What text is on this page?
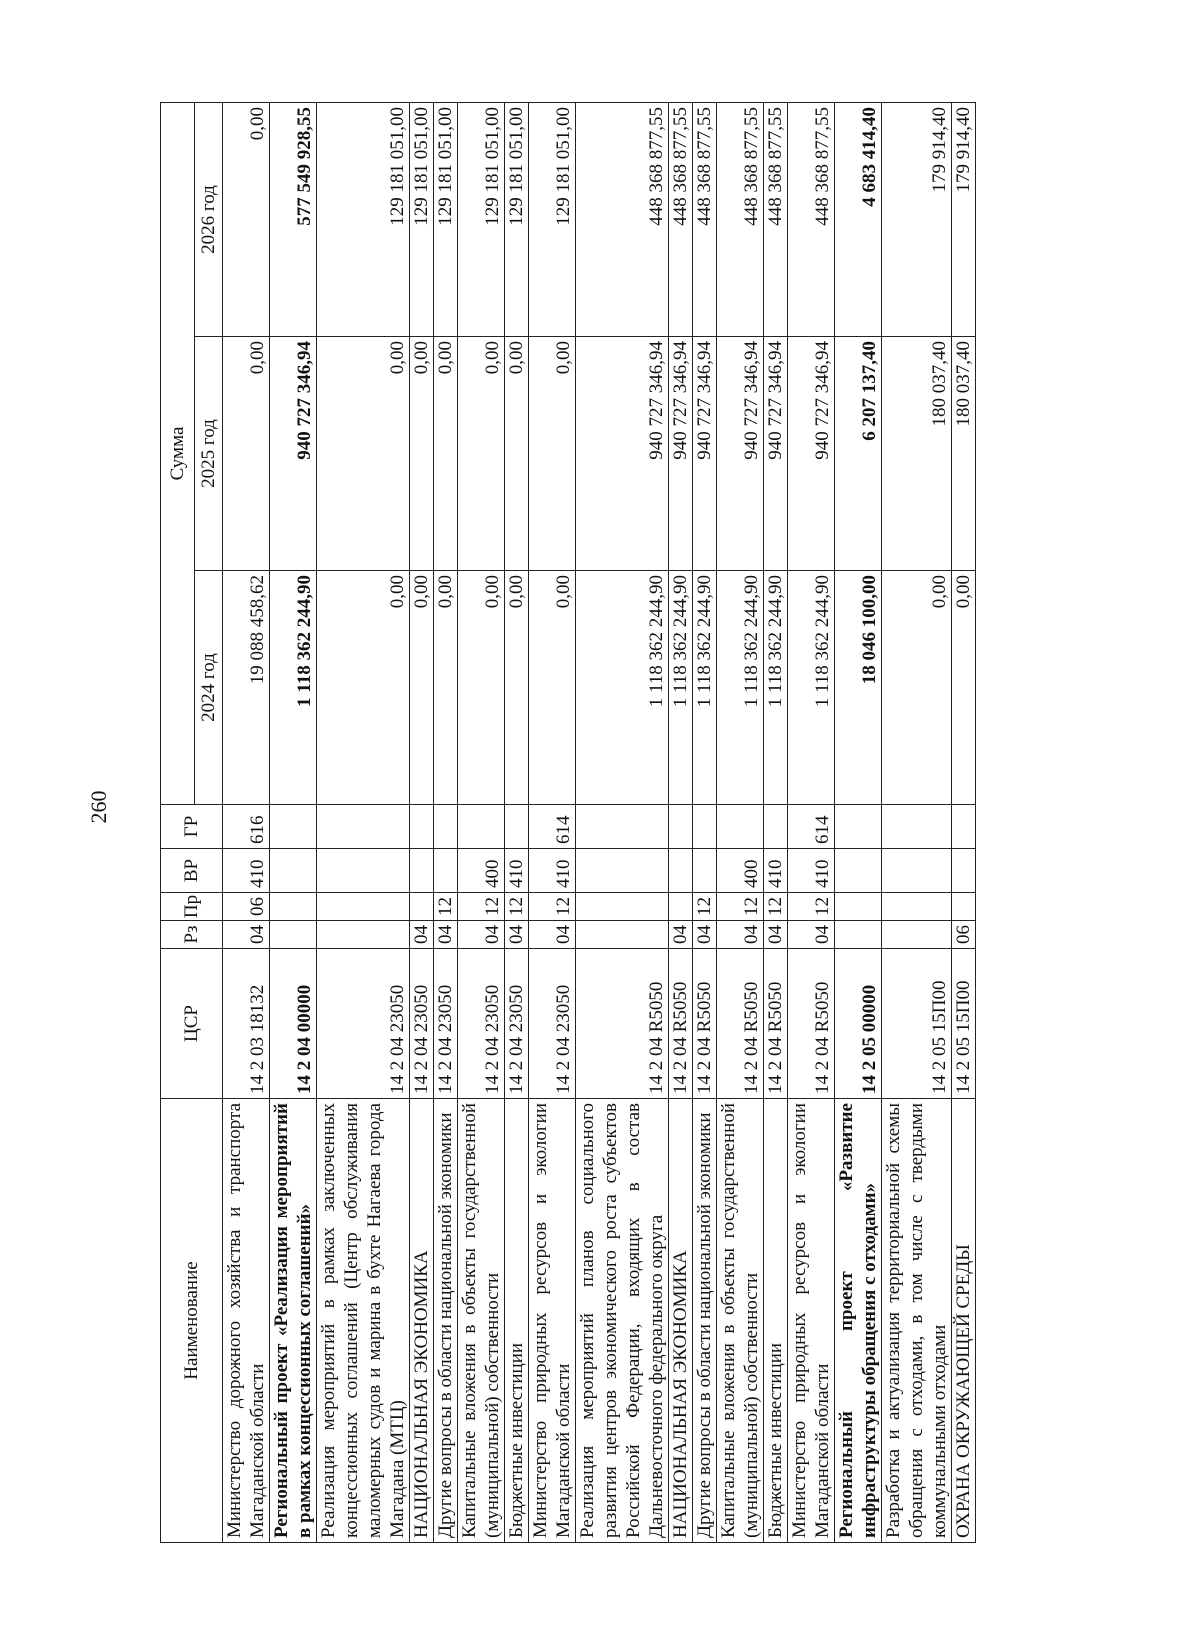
260
Наименование	ЦСР	Рз	Пр	ВР	ГР	Сумма		
						2024 год	2025 год	2026 год
Министерство дорожного хозяйства и транспорта Магаданской области	14 2 03 18132	04	06	410	616	19 088 458,62	0,00	0,00
Региональный проект «Реализация мероприятий в рамках концессионных соглашений»	14 2 04 00000					1 118 362 244,90	940 727 346,94	577 549 928,55
Реализация мероприятий в рамках заключенных концессионных соглашений (Центр обслуживания маломерных судов и марина в бухте Нагаева города Магадана (МТЦ)	14 2 04 23050					0,00	0,00	129 181 051,00
НАЦИОНАЛЬНАЯ ЭКОНОМИКА	14 2 04 23050	04				0,00	0,00	129 181 051,00
Другие вопросы в области национальной экономики	14 2 04 23050	04	12			0,00	0,00	129 181 051,00
Капитальные вложения в объекты государственной (муниципальной) собственности	14 2 04 23050	04	12	400		0,00	0,00	129 181 051,00
Бюджетные инвестиции	14 2 04 23050	04	12	410		0,00	0,00	129 181 051,00
Министерство природных ресурсов и экологии Магаданской области	14 2 04 23050	04	12	410	614	0,00	0,00	129 181 051,00
Реализация мероприятий планов социального развития центров экономического роста субъектов Российской Федерации, входящих в состав Дальневосточного федерального округа	14 2 04 R5050					1 118 362 244,90	940 727 346,94	448 368 877,55
НАЦИОНАЛЬНАЯ ЭКОНОМИКА	14 2 04 R5050	04				1 118 362 244,90	940 727 346,94	448 368 877,55
Другие вопросы в области национальной экономики	14 2 04 R5050	04	12			1 118 362 244,90	940 727 346,94	448 368 877,55
Капитальные вложения в объекты государственной (муниципальной) собственности	14 2 04 R5050	04	12	400		1 118 362 244,90	940 727 346,94	448 368 877,55
Бюджетные инвестиции	14 2 04 R5050	04	12	410		1 118 362 244,90	940 727 346,94	448 368 877,55
Министерство природных ресурсов и экологии Магаданской области	14 2 04 R5050	04	12	410	614	1 118 362 244,90	940 727 346,94	448 368 877,55
Региональный проект «Развитие инфраструктуры обращения с отходами»	14 2 05 00000					18 046 100,00	6 207 137,40	4 683 414,40
Разработка и актуализация территориальной схемы обращения с отходами, в том числе с твердыми коммунальными отходами	14 2 05 15П00					0,00	180 037,40	179 914,40
ОХРАНА ОКРУЖАЮЩЕЙ СРЕДЫ	14 2 05 15П00	06				0,00	180 037,40	179 914,40
